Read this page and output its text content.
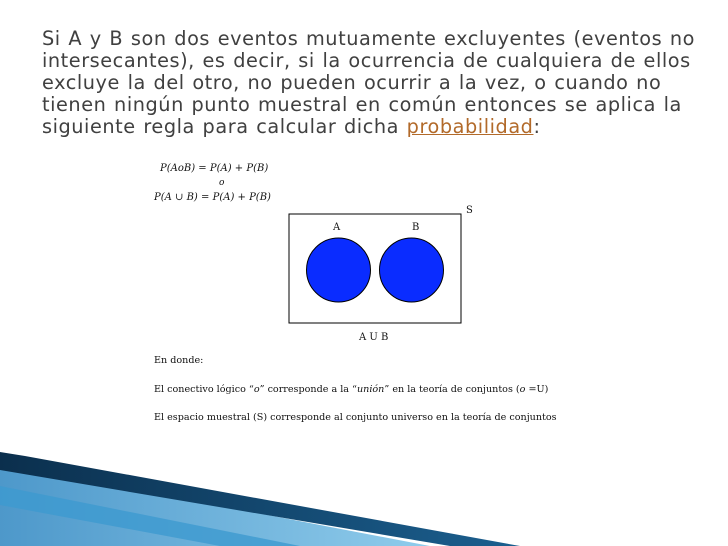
Si A y B son dos eventos mutuamente excluyentes (eventos no intersecantes), es decir, si la ocurrencia de cualquiera de ellos excluye la del otro, no pueden ocurrir a la vez, o cuando no tienen ningún punto muestral en común entonces se aplica la siguiente regla para calcular dicha probabilidad:
P(AoB) = P(A) + P(B)
o
P(A ∪ B) = P(A) + P(B)
S
A	B
A U B
En donde:
El conectivo lógico “o” corresponde a la “unión” en la teoría de conjuntos (o =U)
El espacio muestral (S) corresponde al conjunto universo en la teoría de conjuntos
